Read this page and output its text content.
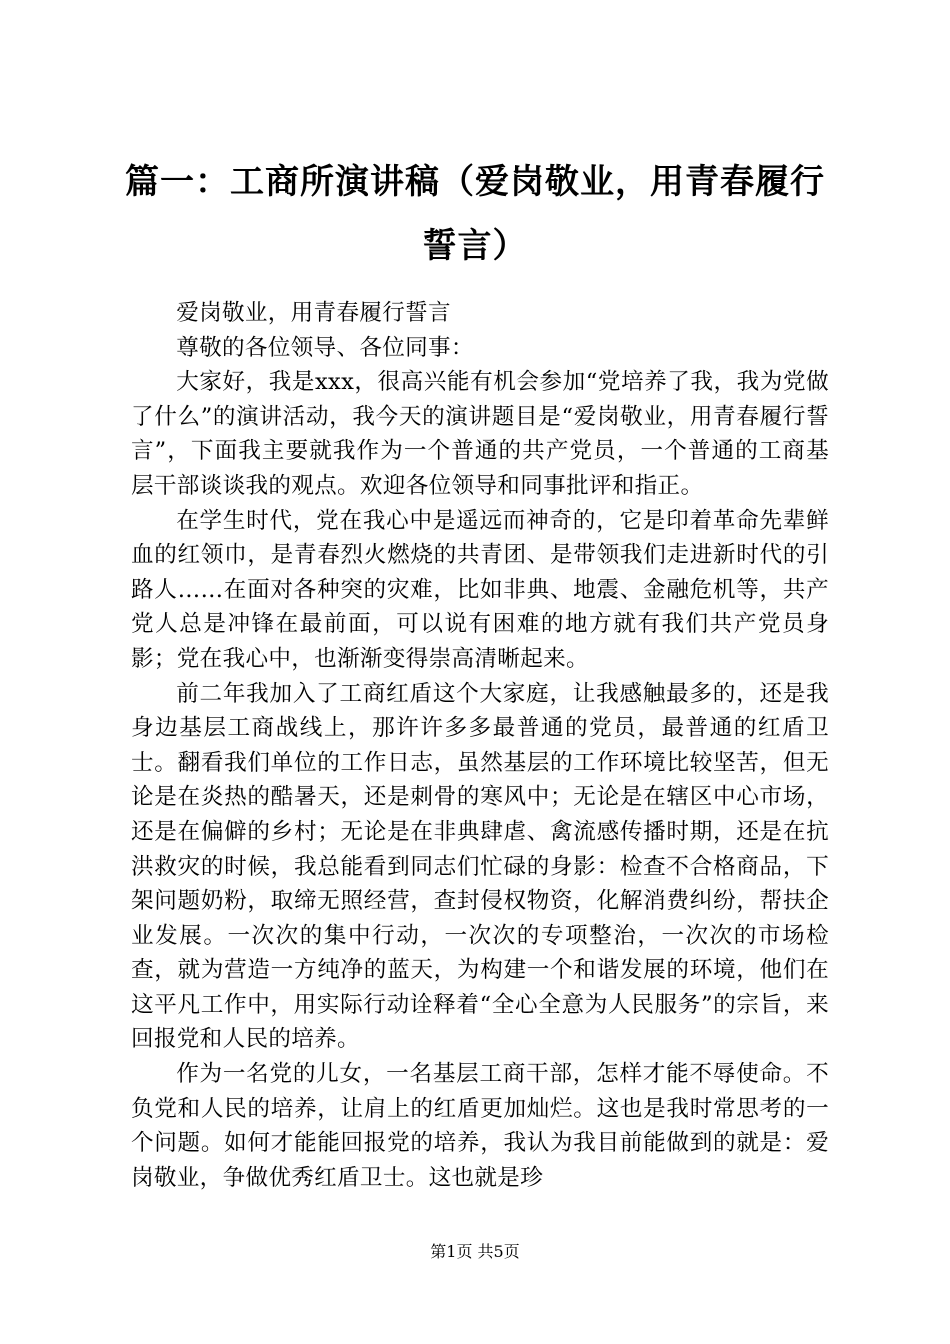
篇一：工商所演讲稿（爱岗敬业，用青春履行誓言）

爱岗敬业，用青春履行誓言

尊敬的各位领导、各位同事：

大家好，我是xxx，很高兴能有机会参加“党培养了我，我为党做了什么”的演讲活动，我今天的演讲题目是“爱岗敬业，用青春履行誓言”，下面我主要就我作为一个普通的共产党员，一个普通的工商基层干部谈谈我的观点。欢迎各位领导和同事批评和指正。

在学生时代，党在我心中是遥远而神奇的，它是印着革命先辈鲜血的红领巾，是青春烈火燃烧的共青团、是带领我们走进新时代的引路人……在面对各种突的灾难，比如非典、地震、金融危机等，共产党人总是冲锋在最前面，可以说有困难的地方就有我们共产党员身影；党在我心中，也渐渐变得崇高清晰起来。

前二年我加入了工商红盾这个大家庭，让我感触最多的，还是我身边基层工商战线上，那许许多多最普通的党员，最普通的红盾卫士。翻看我们单位的工作日志，虽然基层的工作环境比较坚苦，但无论是在炎热的酷暑天，还是刺骨的寒风中；无论是在辖区中心市场，还是在偏僻的乡村；无论是在非典肆虐、禽流感传播时期，还是在抗洪救灾的时候，我总能看到同志们忙碌的身影：检查不合格商品，下架问题奶粉，取缔无照经营，查封侵权物资，化解消费纠纷，帮扶企业发展。一次次的集中行动，一次次的专项整治，一次次的市场检查，就为营造一方纯净的蓝天，为构建一个和谐发展的环境，他们在这平凡工作中，用实际行动诠释着“全心全意为人民服务”的宗旨，来回报党和人民的培养。

作为一名党的儿女，一名基层工商干部，怎样才能不辱使命。不负党和人民的培养，让肩上的红盾更加灿烂。这也是我时常思考的一个问题。如何才能能回报党的培养，我认为我目前能做到的就是：爱岗敬业，争做优秀红盾卫士。这也就是珍

第1页 共5页
